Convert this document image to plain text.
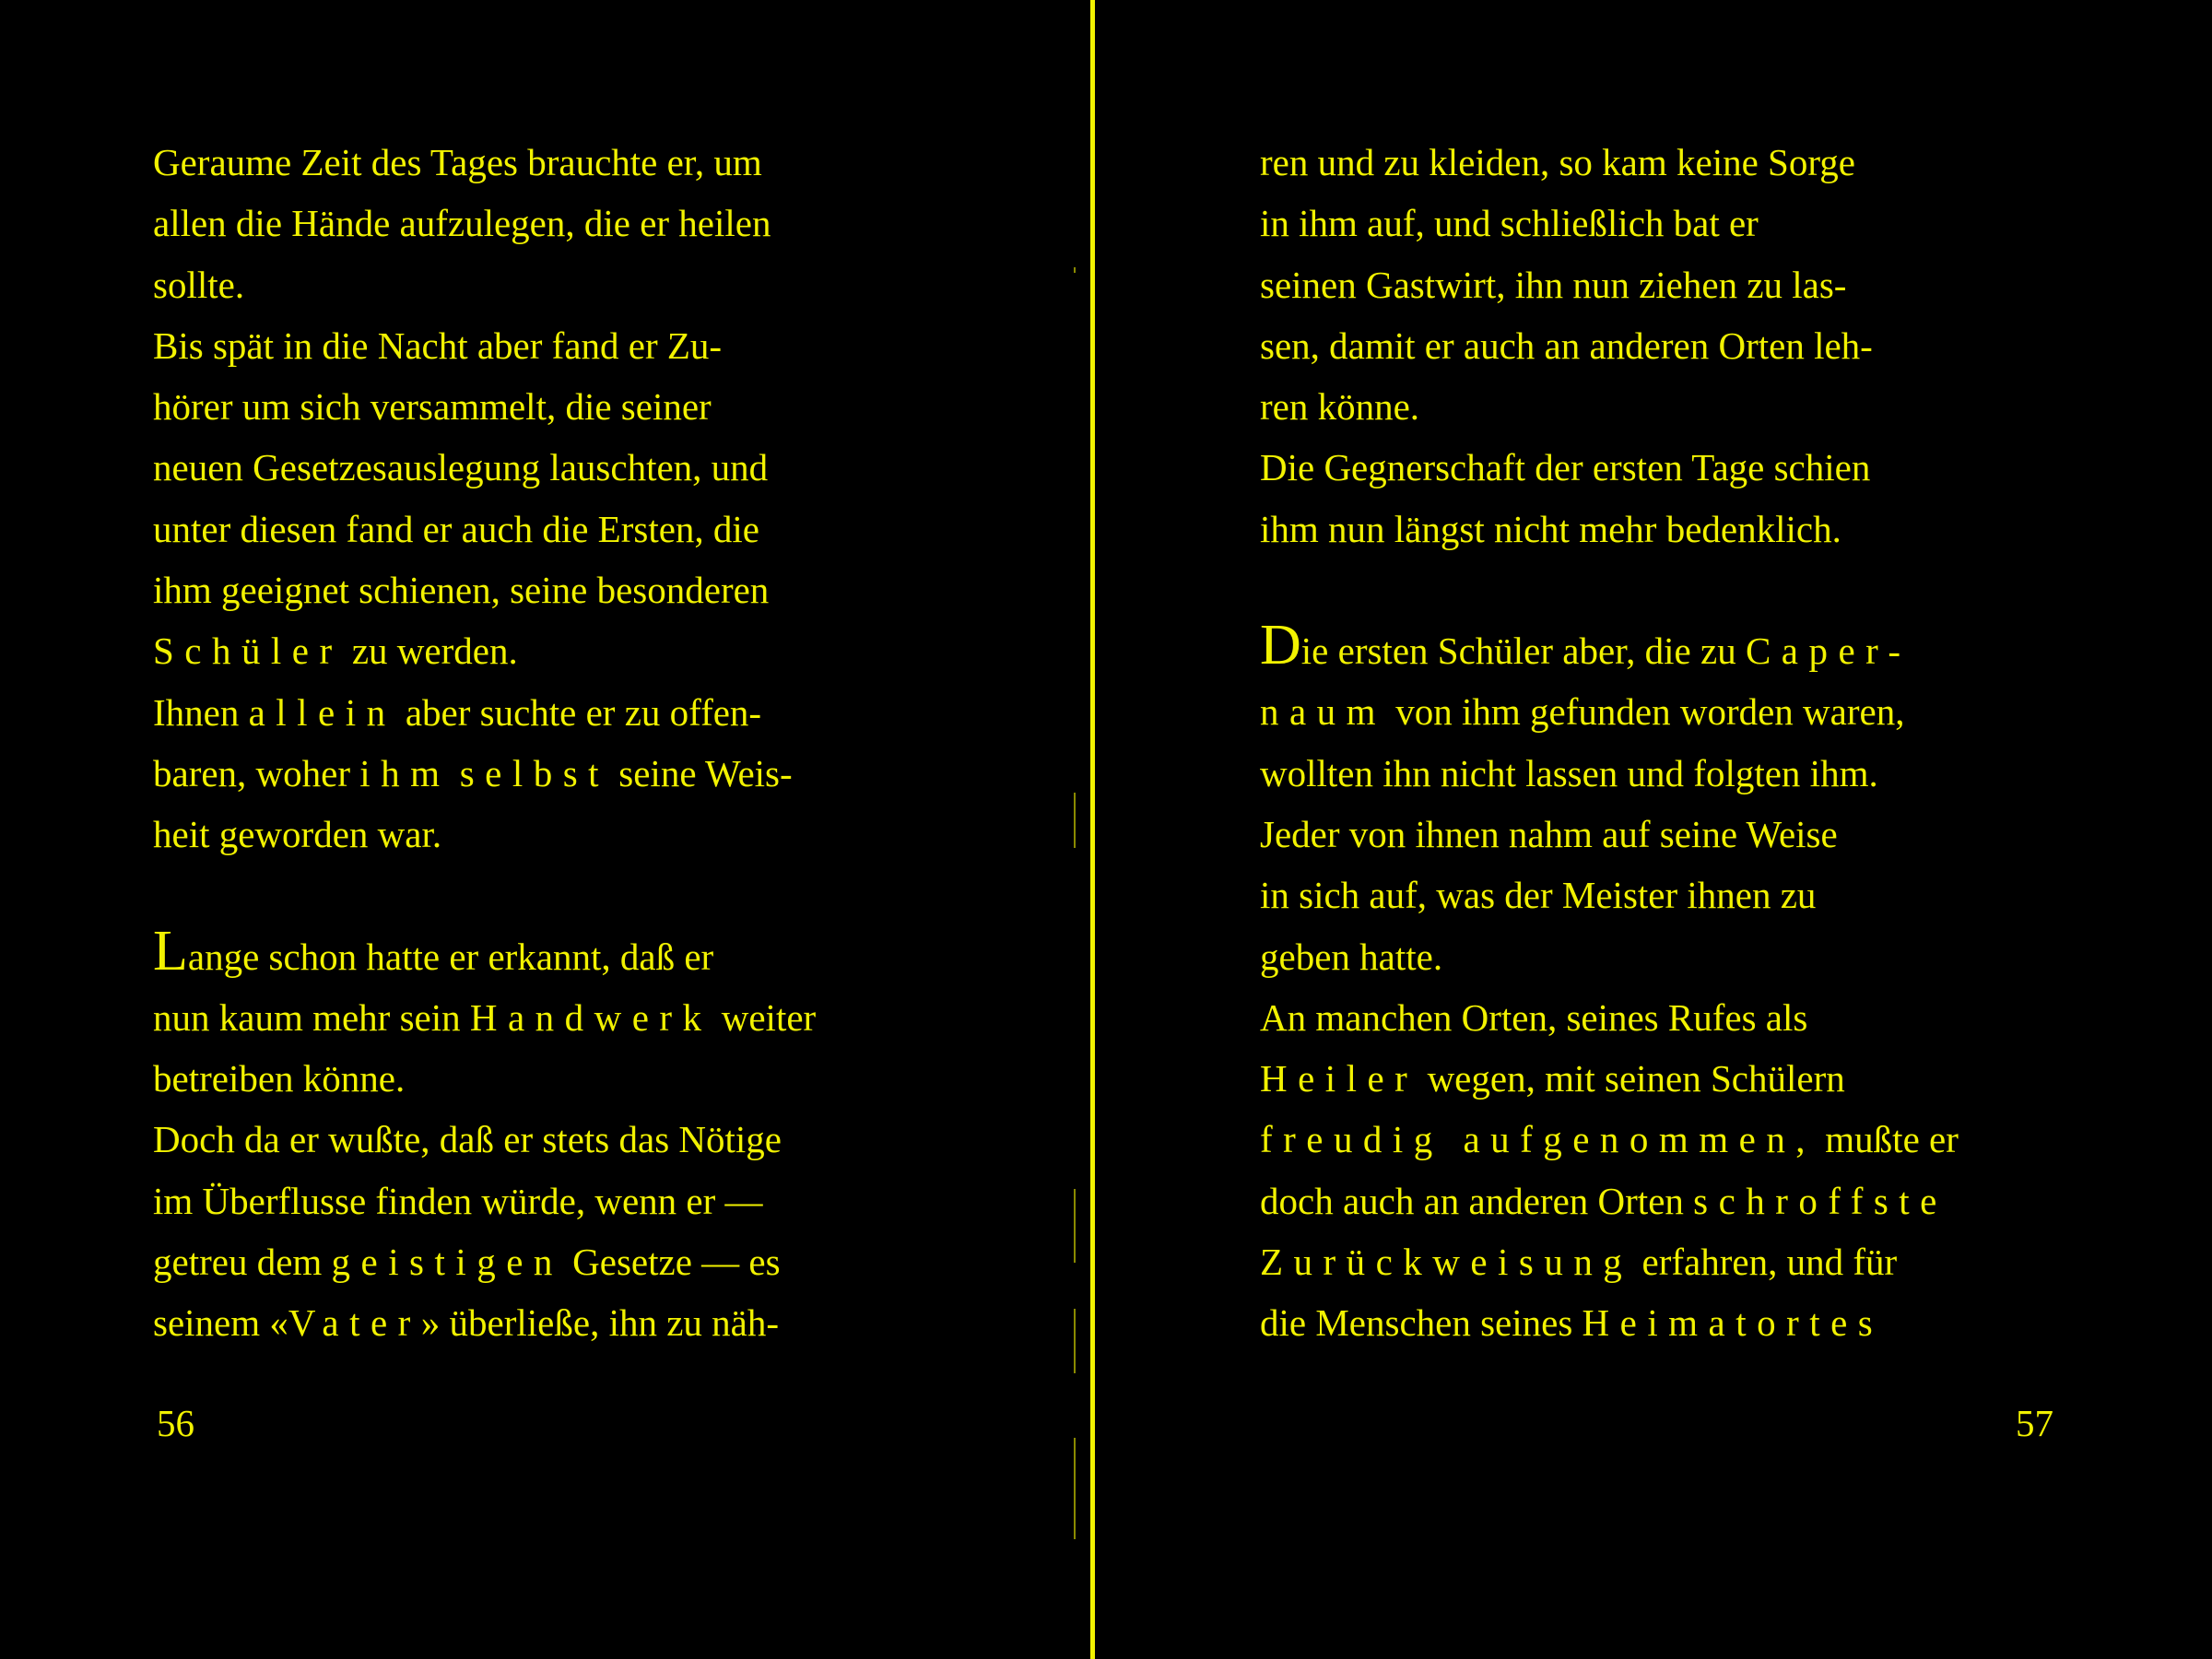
Geraume Zeit des Tages brauchte er, um
allen die Hände aufzulegen, die er heilen
sollte.

Bis spät in die Nacht aber fand er Zu-
hörer um sich versammelt, die seiner
neuen Gesetzesauslegung lauschten, und
unter diesen fand er auch die Ersten, die
ihm geeignet schienen, seine besonderen
Schüler zu werden.

Ihnen allein aber suchte er zu offen-
baren, woher ihm selbst seine Weis-
heit geworden war.

Lange schon hatte er erkannt, daß er
nun kaum mehr sein Handwerk weiter
betreiben könne.

Doch da er wußte, daß er stets das Nötige
im Überflusse finden würde, wenn er —
getreu dem geistigen Gesetze — es
seinem «Vater» überließe, ihn zu näh-

56

ren und zu kleiden, so kam keine Sorge
in ihm auf, und schließlich bat er
seinen Gastwirt, ihn nun ziehen zu las-
sen, damit er auch an anderen Orten leh-
ren könne.

Die Gegnerschaft der ersten Tage schien
ihm nun längst nicht mehr bedenklich.

Die ersten Schüler aber, die zu Caper-
naum von ihm gefunden worden waren,
wollten ihn nicht lassen und folgten ihm.
Jeder von ihnen nahm auf seine Weise
in sich auf, was der Meister ihnen zu
geben hatte.

An manchen Orten, seines Rufes als
Heiler wegen, mit seinen Schülern
freudig aufgenommen, mußte er
doch auch an anderen Orten schroffste
Zurückweisung erfahren, und für
die Menschen seines Heimatortes

57
